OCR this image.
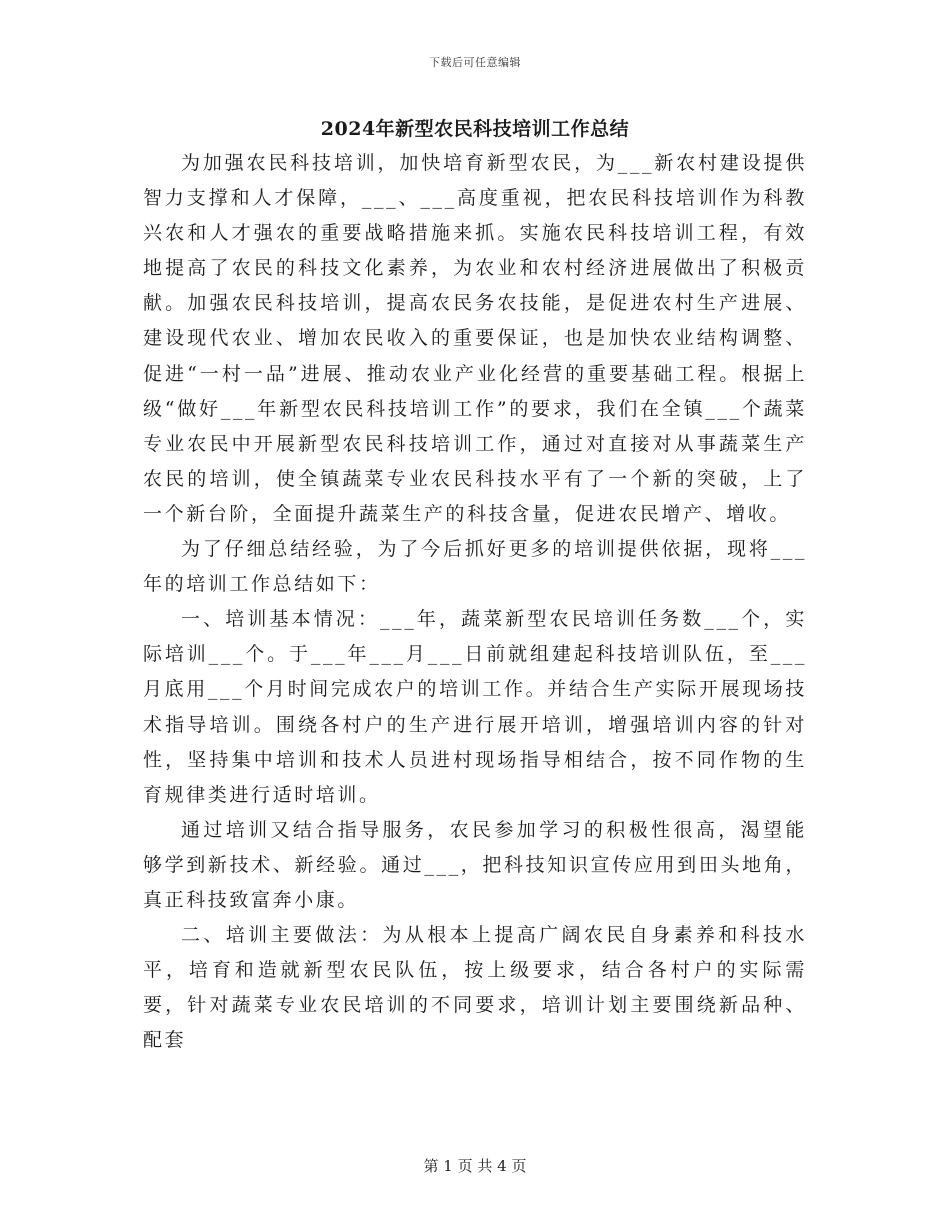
下载后可任意编辑
2024年新型农民科技培训工作总结

为加强农民科技培训，加快培育新型农民，为___新农村建设提供智力支撑和人才保障，___、___高度重视，把农民科技培训作为科教兴农和人才强农的重要战略措施来抓。实施农民科技培训工程，有效地提高了农民的科技文化素养，为农业和农村经济进展做出了积极贡献。加强农民科技培训，提高农民务农技能，是促进农村生产进展、建设现代农业、增加农民收入的重要保证，也是加快农业结构调整、促进“一村一品”进展、推动农业产业化经营的重要基础工程。根据上级“做好___年新型农民科技培训工作”的要求，我们在全镇___个蔬菜专业农民中开展新型农民科技培训工作，通过对直接对从事蔬菜生产农民的培训，使全镇蔬菜专业农民科技水平有了一个新的突破，上了一个新台阶，全面提升蔬菜生产的科技含量，促进农民增产、增收。

为了仔细总结经验，为了今后抓好更多的培训提供依据，现将___年的培训工作总结如下：

一、培训基本情况：___年，蔬菜新型农民培训任务数___个，实际培训___个。于___年___月___日前就组建起科技培训队伍，至___月底用___个月时间完成农户的培训工作。并结合生产实际开展现场技术指导培训。围绕各村户的生产进行展开培训，增强培训内容的针对性，坚持集中培训和技术人员进村现场指导相结合，按不同作物的生育规律类进行适时培训。

通过培训又结合指导服务，农民参加学习的积极性很高，渴望能够学到新技术、新经验。通过___，把科技知识宣传应用到田头地角，真正科技致富奔小康。

二、培训主要做法：为从根本上提高广阔农民自身素养和科技水平，培育和造就新型农民队伍，按上级要求，结合各村户的实际需要，针对蔬菜专业农民培训的不同要求，培训计划主要围绕新品种、配套

第 1 页 共 4 页
